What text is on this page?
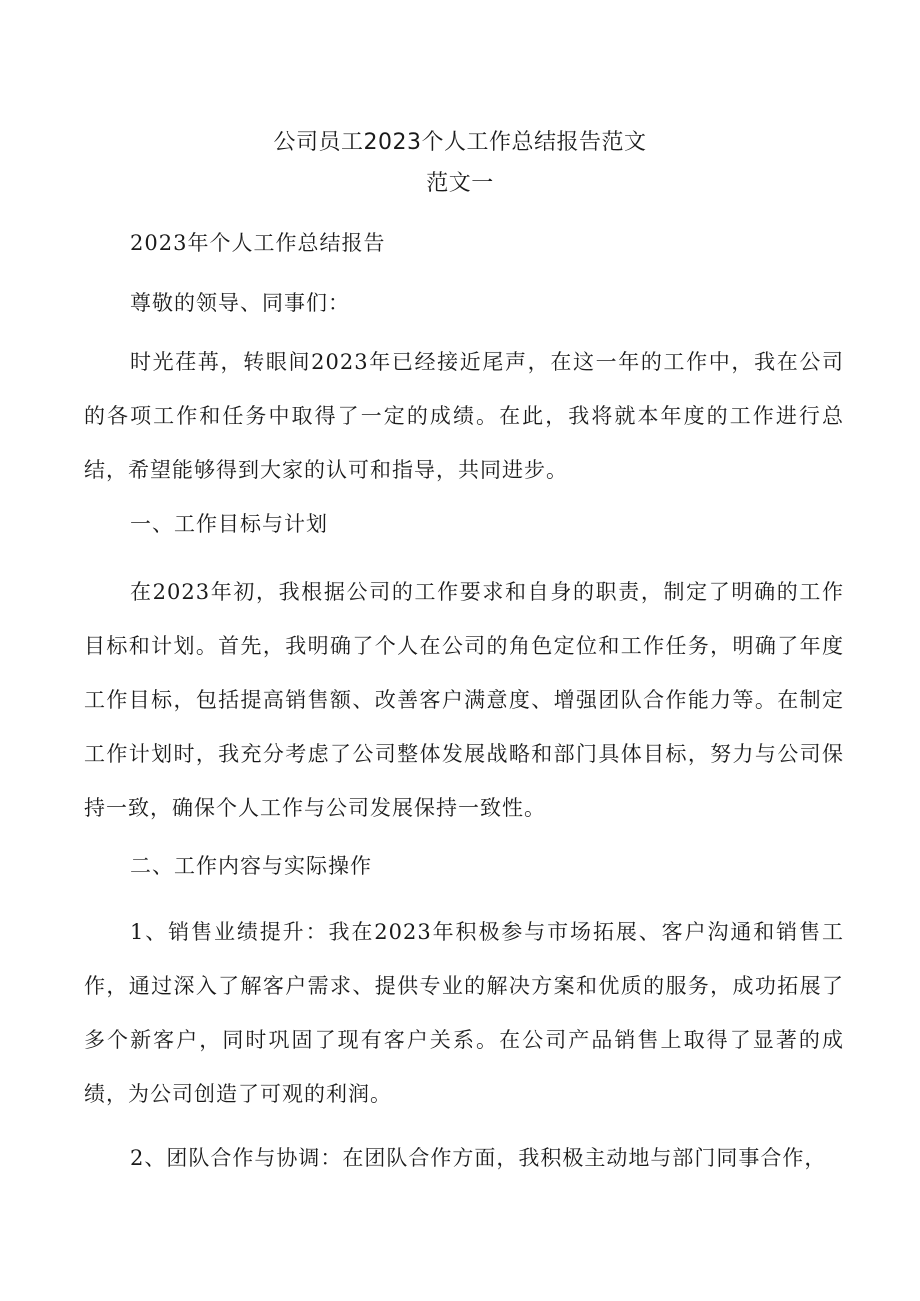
公司员工2023个人工作总结报告范文
范文一

2023年个人工作总结报告

尊敬的领导、同事们：

时光荏苒，转眼间2023年已经接近尾声，在这一年的工作中，我在公司的各项工作和任务中取得了一定的成绩。在此，我将就本年度的工作进行总结，希望能够得到大家的认可和指导，共同进步。

一、工作目标与计划

在2023年初，我根据公司的工作要求和自身的职责，制定了明确的工作目标和计划。首先，我明确了个人在公司的角色定位和工作任务，明确了年度工作目标，包括提高销售额、改善客户满意度、增强团队合作能力等。在制定工作计划时，我充分考虑了公司整体发展战略和部门具体目标，努力与公司保持一致，确保个人工作与公司发展保持一致性。

二、工作内容与实际操作

1、销售业绩提升：我在2023年积极参与市场拓展、客户沟通和销售工作，通过深入了解客户需求、提供专业的解决方案和优质的服务，成功拓展了多个新客户，同时巩固了现有客户关系。在公司产品销售上取得了显著的成绩，为公司创造了可观的利润。

2、团队合作与协调：在团队合作方面，我积极主动地与部门同事合作，
